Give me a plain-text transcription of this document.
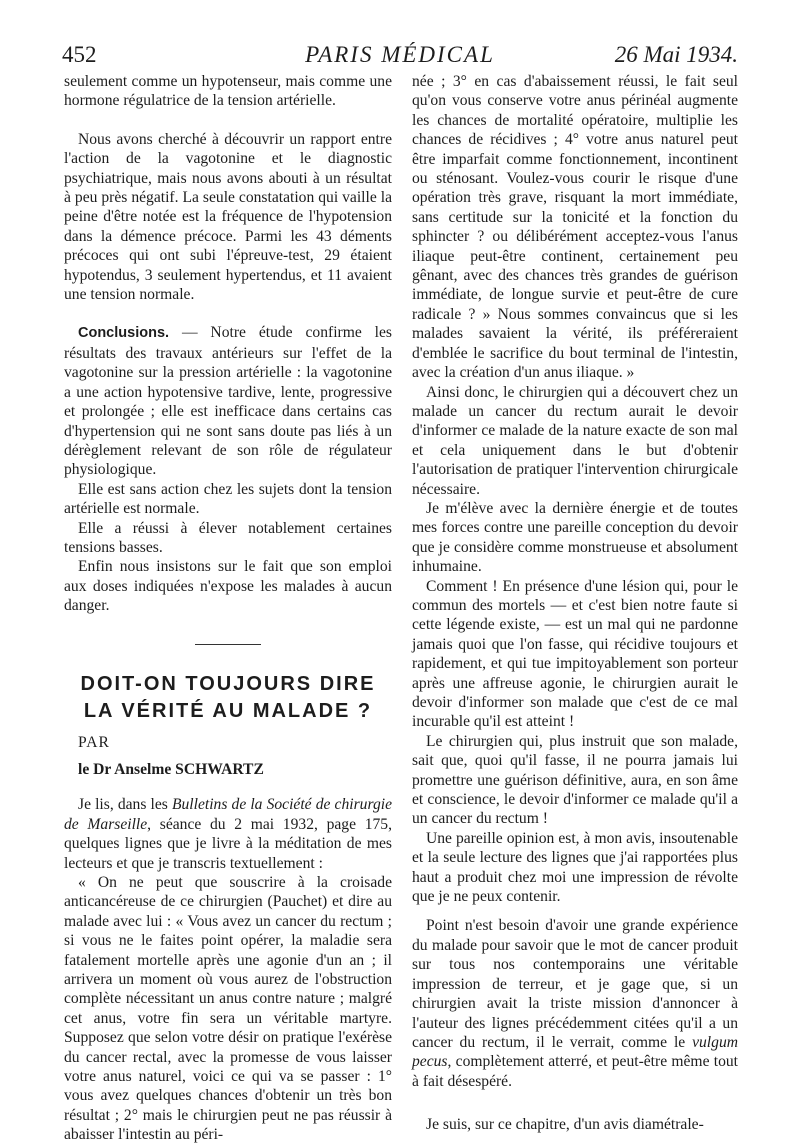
452	PARIS MÉDICAL	26 Mai 1934.

seulement comme un hypotenseur, mais comme une hormone régulatrice de la tension artérielle.

Nous avons cherché à découvrir un rapport entre l'action de la vagotonine et le diagnostic psychiatrique, mais nous avons abouti à un résultat à peu près négatif. La seule constatation qui vaille la peine d'être notée est la fréquence de l'hypotension dans la démence précoce. Parmi les 43 déments précoces qui ont subi l'épreuve-test, 29 étaient hypotendus, 3 seulement hypertendus, et 11 avaient une tension normale.

Conclusions. — Notre étude confirme les résultats des travaux antérieurs sur l'effet de la vagotonine sur la pression artérielle : la vagotonine a une action hypotensive tardive, lente, progressive et prolongée ; elle est inefficace dans certains cas d'hypertension qui ne sont sans doute pas liés à un dérèglement relevant de son rôle de régulateur physiologique.

Elle est sans action chez les sujets dont la tension artérielle est normale.

Elle a réussi à élever notablement certaines tensions basses.

Enfin nous insistons sur le fait que son emploi aux doses indiquées n'expose les malades à aucun danger.

DOIT-ON TOUJOURS DIRE
LA VÉRITÉ AU MALADE ?

PAR

le Dr Anselme SCHWARTZ

Je lis, dans les Bulletins de la Société de chirurgie de Marseille, séance du 2 mai 1932, page 175, quelques lignes que je livre à la méditation de mes lecteurs et que je transcris textuellement :

« On ne peut que souscrire à la croisade anticancéreuse de ce chirurgien (Pauchet) et dire au malade avec lui : « Vous avez un cancer du rectum ; si vous ne le faites point opérer, la maladie sera fatalement mortelle après une agonie d'un an ; il arrivera un moment où vous aurez de l'obstruction complète nécessitant un anus contre nature ; malgré cet anus, votre fin sera un véritable martyre. Supposez que selon votre désir on pratique l'exérèse du cancer rectal, avec la promesse de vous laisser votre anus naturel, voici ce qui va se passer : 1° vous avez quelques chances d'obtenir un très bon résultat ; 2° mais le chirurgien peut ne pas réussir à abaisser l'intestin au péri-

née ; 3° en cas d'abaissement réussi, le fait seul qu'on vous conserve votre anus périnéal augmente les chances de mortalité opératoire, multiplie les chances de récidives ; 4° votre anus naturel peut être imparfait comme fonctionnement, incontinent ou sténosant. Voulez-vous courir le risque d'une opération très grave, risquant la mort immédiate, sans certitude sur la tonicité et la fonction du sphincter ? ou délibérément acceptez-vous l'anus iliaque peut-être continent, certainement peu gênant, avec des chances très grandes de guérison immédiate, de longue survie et peut-être de cure radicale ? » Nous sommes convaincus que si les malades savaient la vérité, ils préféreraient d'emblée le sacrifice du bout terminal de l'intestin, avec la création d'un anus iliaque. »

Ainsi donc, le chirurgien qui a découvert chez un malade un cancer du rectum aurait le devoir d'informer ce malade de la nature exacte de son mal et cela uniquement dans le but d'obtenir l'autorisation de pratiquer l'intervention chirurgicale nécessaire.

Je m'élève avec la dernière énergie et de toutes mes forces contre une pareille conception du devoir que je considère comme monstrueuse et absolument inhumaine.

Comment ! En présence d'une lésion qui, pour le commun des mortels — et c'est bien notre faute si cette légende existe, — est un mal qui ne pardonne jamais quoi que l'on fasse, qui récidive toujours et rapidement, et qui tue impitoyablement son porteur après une affreuse agonie, le chirurgien aurait le devoir d'informer son malade que c'est de ce mal incurable qu'il est atteint !

Le chirurgien qui, plus instruit que son malade, sait que, quoi qu'il fasse, il ne pourra jamais lui promettre une guérison définitive, aura, en son âme et conscience, le devoir d'informer ce malade qu'il a un cancer du rectum !

Une pareille opinion est, à mon avis, insoutenable et la seule lecture des lignes que j'ai rapportées plus haut a produit chez moi une impression de révolte que je ne peux contenir.

Point n'est besoin d'avoir une grande expérience du malade pour savoir que le mot de cancer produit sur tous nos contemporains une véritable impression de terreur, et je gage que, si un chirurgien avait la triste mission d'annoncer à l'auteur des lignes précédemment citées qu'il a un cancer du rectum, il le verrait, comme le vulgum pecus, complètement atterré, et peut-être même tout à fait désespéré.

Je suis, sur ce chapitre, d'un avis diamétrale-
